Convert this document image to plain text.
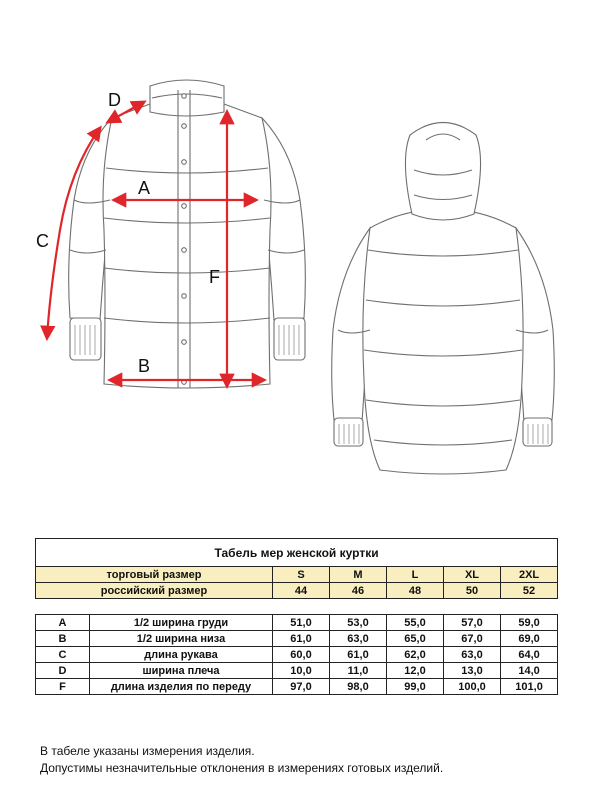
A
B
C
D
F
Табель мер женской куртки						
торговый размер		S	M	L	XL	2XL
российский размер		44	46	48	50	52

A	1/2 ширина груди	51,0	53,0	55,0	57,0	59,0
B	1/2 ширина низа	61,0	63,0	65,0	67,0	69,0
C	длина рукава	60,0	61,0	62,0	63,0	64,0
D	ширина плеча	10,0	11,0	12,0	13,0	14,0
F	длина изделия по переду	97,0	98,0	99,0	100,0	101,0
В табеле указаны измерения изделия.
Допустимы незначительные отклонения в измерениях готовых изделий.
